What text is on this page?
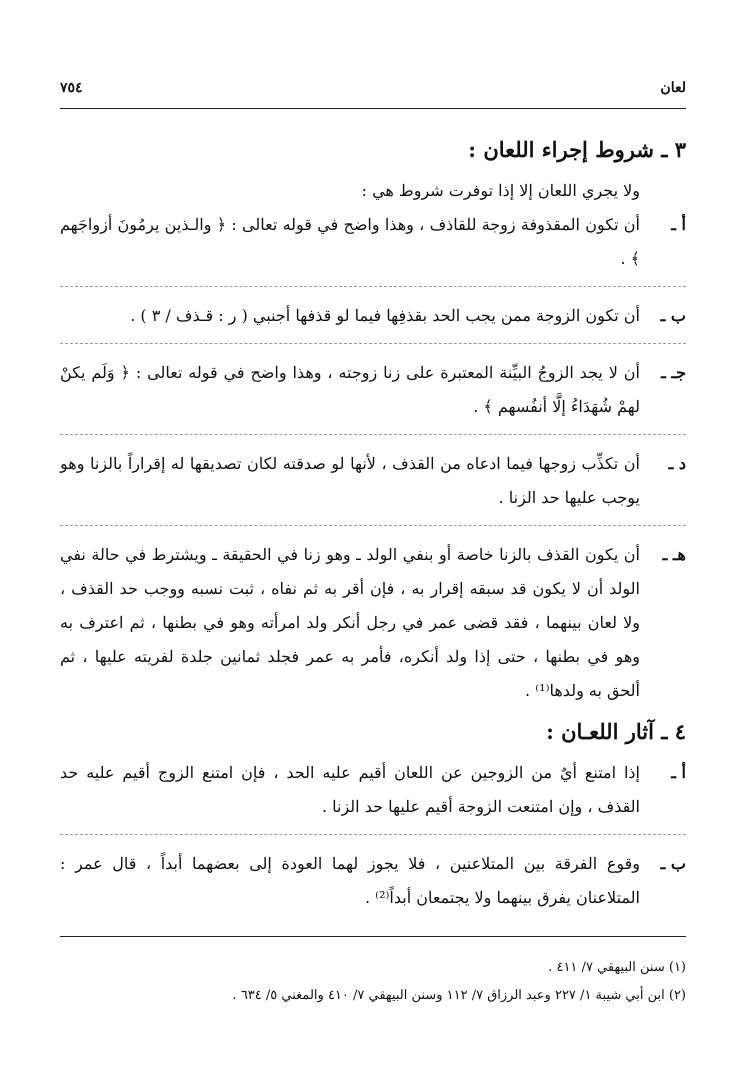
لعان
٧٥٤
٣ ـ شروط إجراء اللعان :

ولا يجري اللعان إلا إذا توفرت شروط هي :

أ ـ
أن تكون المقذوفة زوجة للقاذف ، وهذا واضح في قوله تعالى : ﴿ والـذين يرمُونَ أزواجَهم ﴾ .
ب ـ
أن تكون الزوجة ممن يجب الحد بقذفِها فيما لو قذفها أجنبي ( ر : قـذف / ٣ ) .
جـ ـ
أن لا يجد الزوجُ البيِّنة المعتبرة على زنا زوجته ، وهذا واضح في قوله تعالى : ﴿ وَلَم يكنْ لهمْ شُهَدَاءُ إلَّا أنفُسهم ﴾ .
د ـ
أن تكذِّب زوجها فيما ادعاه من القذف ، لأنها لو صدقته لكان تصديقها له إقراراً بالزنا وهو يوجب عليها حد الزنا .
هـ ـ
أن يكون القذف بالزنا خاصة أو بنفي الولد ـ وهو زنا في الحقيقة ـ ويشترط في حالة نفي الولد أن لا يكون قد سبقه إقرار به ، فإن أقر به ثم نفاه ، ثبت نسبه ووجب حد القذف ، ولا لعان بينهما ، فقد قضى عمر في رجل أنكر ولد امرأته وهو في بطنها ، ثم اعترف به وهو في بطنها ، حتى إذا ولد أنكره، فأمر به عمر فجلد ثمانين جلدة لفريته عليها ، ثم ألحق به ولدها⁽¹⁾ .
٤ ـ آثار اللعـان :
أ ـ
إذا امتنع أيٌ من الزوجين عن اللعان أقيم عليه الحد ، فإن امتنع الزوج أقيم عليه حد القذف ، وإن امتنعت الزوجة أقيم عليها حد الزنا .
ب ـ
وقوع الفرقة بين المتلاعنين ، فلا يجوز لهما العودة إلى بعضهما أبداً ، قال عمر : المتلاعنان يفرق بينهما ولا يجتمعان أبداً⁽²⁾ .
(١) سنن البيهقي ٧/ ٤١١ .
(٢) ابن أبي شيبة ١/ ٢٢٧ وعبد الرزاق ٧/ ١١٢ وسنن البيهقي ٧/ ٤١٠ والمغني ٥/ ٦٣٤ .
